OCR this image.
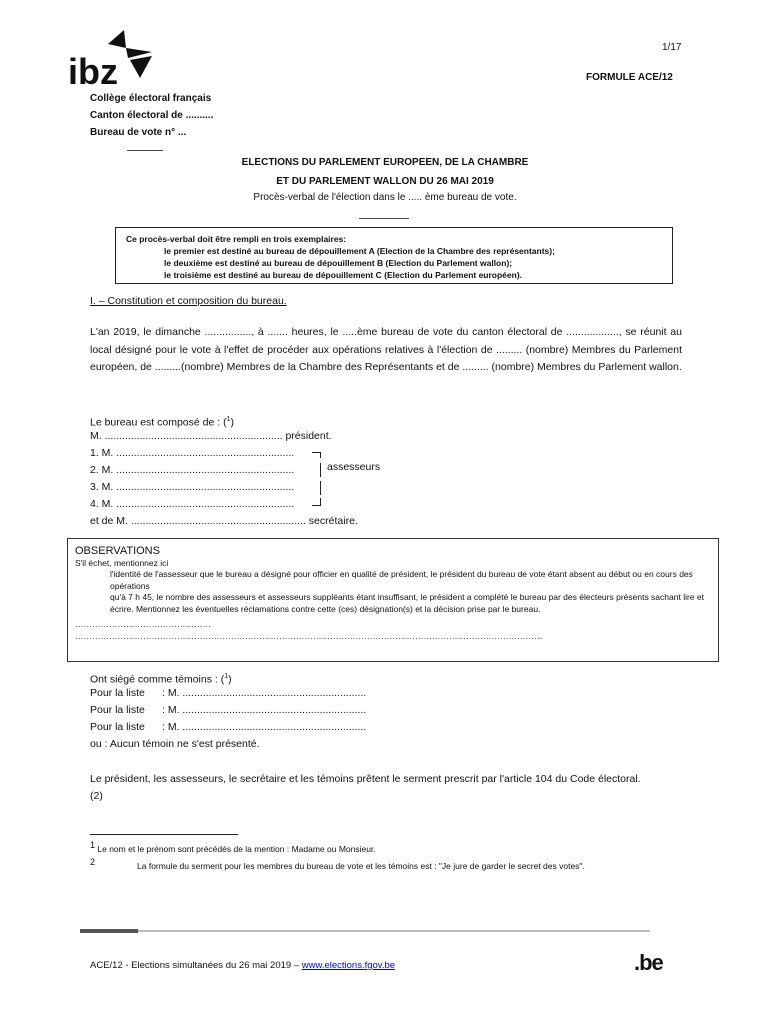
ibz
1/17
FORMULE ACE/12
Collège électoral français
Canton électoral de ..........
Bureau de vote n° ...
ELECTIONS DU PARLEMENT EUROPEEN, DE LA CHAMBRE
ET DU PARLEMENT WALLON DU 26 MAI 2019
Procès-verbal de l'élection dans le ..... ème bureau de vote.
Ce procès-verbal doit être rempli en trois exemplaires:
le premier est destiné au bureau de dépouillement A (Election de la Chambre des représentants);
le deuxième est destiné au bureau de dépouillement B (Election du Parlement wallon);
le troisième est destiné au bureau de dépouillement C (Election du Parlement européen).
I. – Constitution et composition du bureau.
L'an 2019, le dimanche ................, à ....... heures, le .....ème bureau de vote du canton électoral de .................., se réunit au local désigné pour le vote à l'effet de procéder aux opérations relatives à l'élection de ......... (nombre) Membres du Parlement européen, de .........(nombre) Membres de la Chambre des Représentants et de ......... (nombre) Membres du Parlement wallon.
Le bureau est composé de : ($^1$)
M. ............................................................. président.
1. M. .............................................................
2. M. .............................................................
3. M. .............................................................
4. M. .............................................................
et de M. ............................................................ secrétaire.
assesseurs
OBSERVATIONS
S'il échet, mentionnez ici
l'identité de l'assesseur que le bureau a désigné pour officier en qualité de président, le président du bureau de vote étant absent au début ou en cours des opérations
qu'à 7 h 45, le nombre des assesseurs et assesseurs suppléants étant insuffisant, le président a complété le bureau par des électeurs présents sachant lire et écrire. Mentionnez les éventuelles réclamations contre cette (ces) désignation(s) et la décision prise par le bureau.
…………………………………………
…………………………………………………………………………………………………………………………………………………
Ont siégé comme témoins : ($^1$)
Pour la liste : M. ...............................................................
Pour la liste : M. ...............................................................
Pour la liste : M. ...............................................................
ou : Aucun témoin ne s'est présenté.
Le président, les assesseurs, le secrétaire et les témoins prêtent le serment prescrit par l'article 104 du Code électoral.
(2)
$^1$ Le nom et le prénom sont précédés de la mention : Madame ou Monsieur.
$^2$	La formule du serment pour les membres du bureau de vote et les témoins est : "Je jure de garder le secret des votes".
ACE/12 - Elections simultanées du 26 mai 2019 – www.elections.fgov.be	.be
